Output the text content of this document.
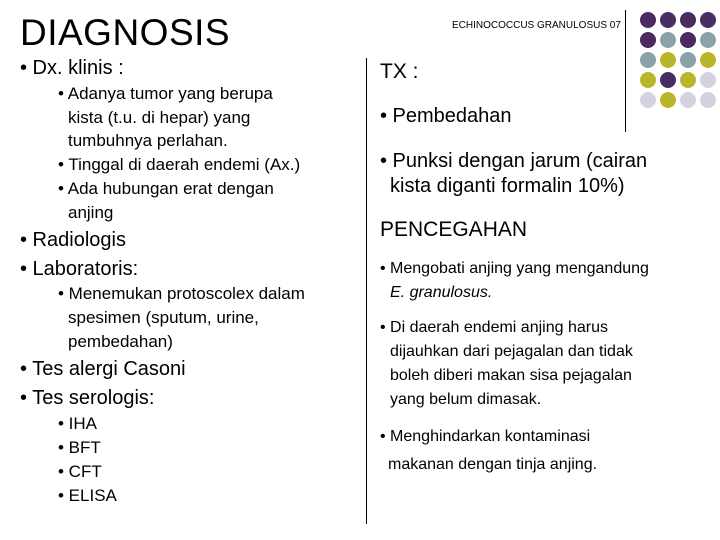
DIAGNOSIS	ECHINOCOCCUS GRANULOSUS 07
• Dx. klinis :
• Adanya tumor yang berupa
kista (t.u. di hepar) yang
tumbuhnya perlahan.
• Tinggal di daerah endemi (Ax.)
• Ada hubungan erat dengan
anjing
• Radiologis
• Laboratoris:
• Menemukan protoscolex dalam
spesimen (sputum, urine,
pembedahan)
• Tes alergi Casoni
• Tes serologis:
• IHA
• BFT
• CFT
• ELISA
TX :
• Pembedahan
• Punksi dengan jarum (cairan
kista diganti formalin 10%)
PENCEGAHAN
• Mengobati anjing yang mengandung
E. granulosus.
• Di daerah endemi anjing harus
dijauhkan dari pejagalan dan tidak
boleh diberi makan sisa pejagalan
yang belum dimasak.
• Menghindarkan kontaminasi
makanan dengan tinja anjing.
